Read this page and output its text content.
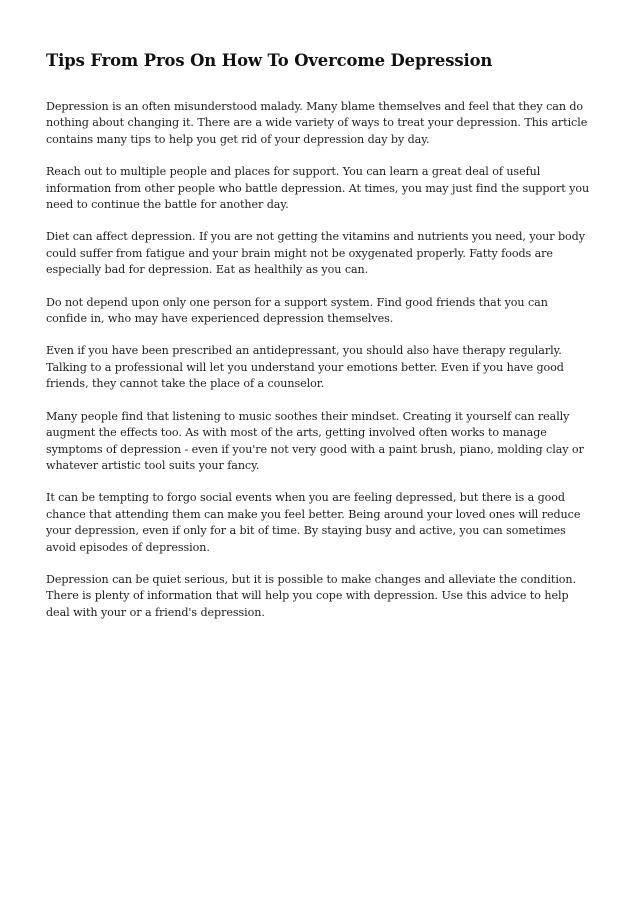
Tips From Pros On How To Overcome Depression

Depression is an often misunderstood malady. Many blame themselves and feel that they can do nothing about changing it. There are a wide variety of ways to treat your depression. This article contains many tips to help you get rid of your depression day by day.

Reach out to multiple people and places for support. You can learn a great deal of useful information from other people who battle depression. At times, you may just find the support you need to continue the battle for another day.

Diet can affect depression. If you are not getting the vitamins and nutrients you need, your body could suffer from fatigue and your brain might not be oxygenated properly. Fatty foods are especially bad for depression. Eat as healthily as you can.

Do not depend upon only one person for a support system. Find good friends that you can confide in, who may have experienced depression themselves.

Even if you have been prescribed an antidepressant, you should also have therapy regularly. Talking to a professional will let you understand your emotions better. Even if you have good friends, they cannot take the place of a counselor.

Many people find that listening to music soothes their mindset. Creating it yourself can really augment the effects too. As with most of the arts, getting involved often works to manage symptoms of depression - even if you're not very good with a paint brush, piano, molding clay or whatever artistic tool suits your fancy.

It can be tempting to forgo social events when you are feeling depressed, but there is a good chance that attending them can make you feel better. Being around your loved ones will reduce your depression, even if only for a bit of time. By staying busy and active, you can sometimes avoid episodes of depression.

Depression can be quiet serious, but it is possible to make changes and alleviate the condition. There is plenty of information that will help you cope with depression. Use this advice to help deal with your or a friend's depression.
